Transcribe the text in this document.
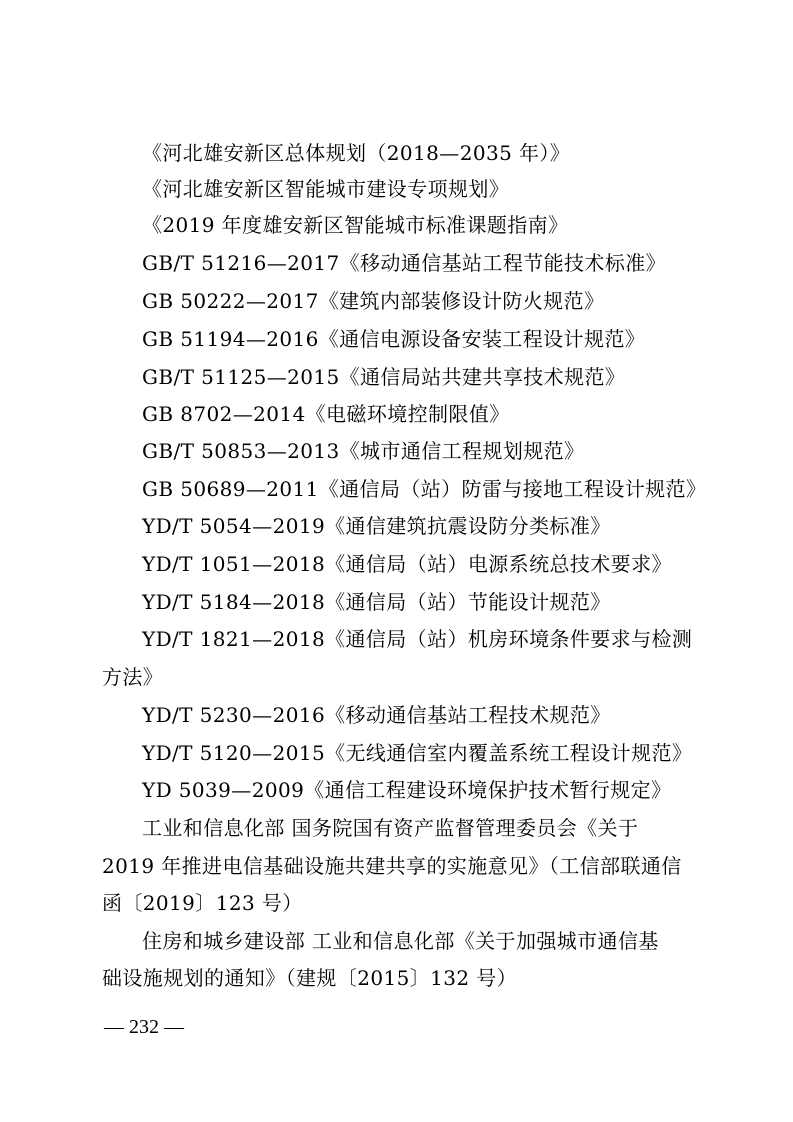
《河北雄安新区总体规划（2018—2035 年）》
《河北雄安新区智能城市建设专项规划》
《2019 年度雄安新区智能城市标准课题指南》
GB/T 51216—2017《移动通信基站工程节能技术标准》
GB 50222—2017《建筑内部装修设计防火规范》
GB 51194—2016《通信电源设备安装工程设计规范》
GB/T 51125—2015《通信局站共建共享技术规范》
GB 8702—2014《电磁环境控制限值》
GB/T 50853—2013《城市通信工程规划规范》
GB 50689—2011《通信局（站）防雷与接地工程设计规范》
YD/T 5054—2019《通信建筑抗震设防分类标准》
YD/T 1051—2018《通信局（站）电源系统总技术要求》
YD/T 5184—2018《通信局（站）节能设计规范》
YD/T 1821—2018《通信局（站）机房环境条件要求与检测
方法》
YD/T 5230—2016《移动通信基站工程技术规范》
YD/T 5120—2015《无线通信室内覆盖系统工程设计规范》
YD 5039—2009《通信工程建设环境保护技术暂行规定》
工业和信息化部 国务院国有资产监督管理委员会《关于
2019 年推进电信基础设施共建共享的实施意见》（工信部联通信
函〔2019〕123 号）
住房和城乡建设部 工业和信息化部《关于加强城市通信基
础设施规划的通知》（建规〔2015〕132 号）
— 232 —
